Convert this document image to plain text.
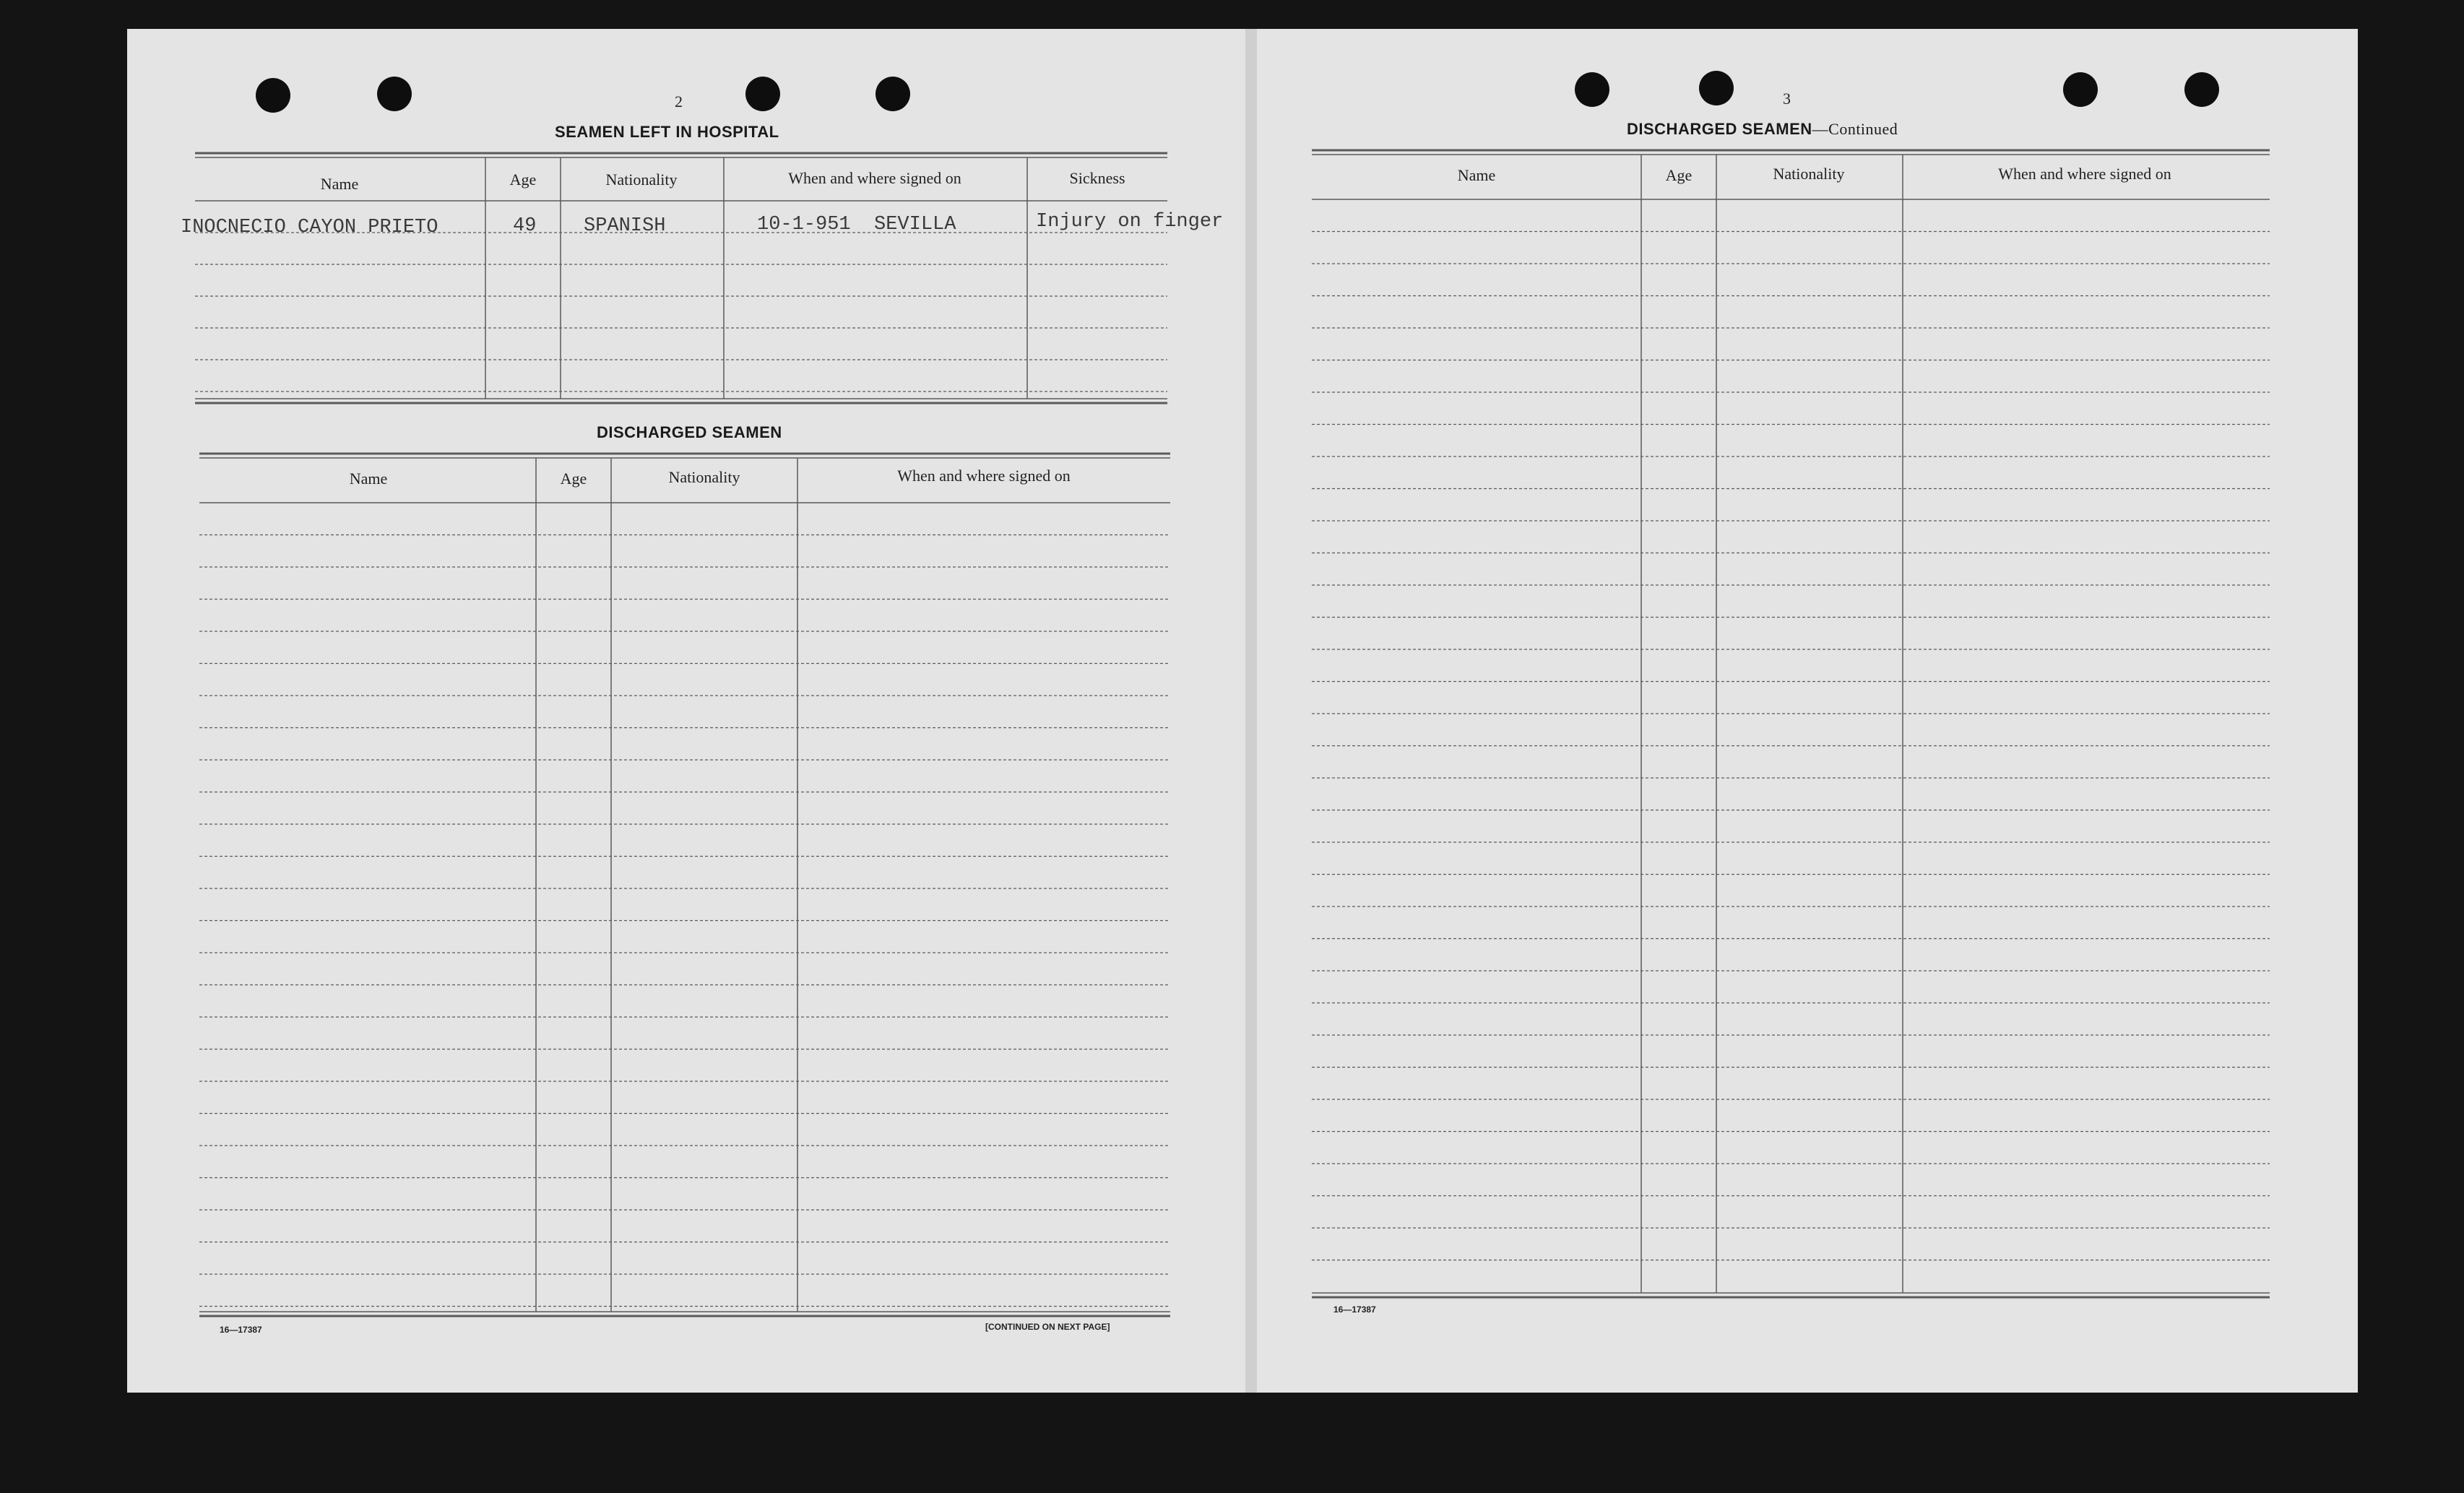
2
SEAMEN LEFT IN HOSPITAL
Name	Age	Nationality	When and where signed on	Sickness
INOCNECIO CAYON PRIETO	49 SPANISH	10-1-951  SEVILLA	Injury on finger
DISCHARGED SEAMEN
Name	Age	Nationality	When and where signed on
16—17387	[CONTINUED ON NEXT PAGE]
3
DISCHARGED SEAMEN—Continued
Name	Age	Nationality	When and where signed on
16—17387
